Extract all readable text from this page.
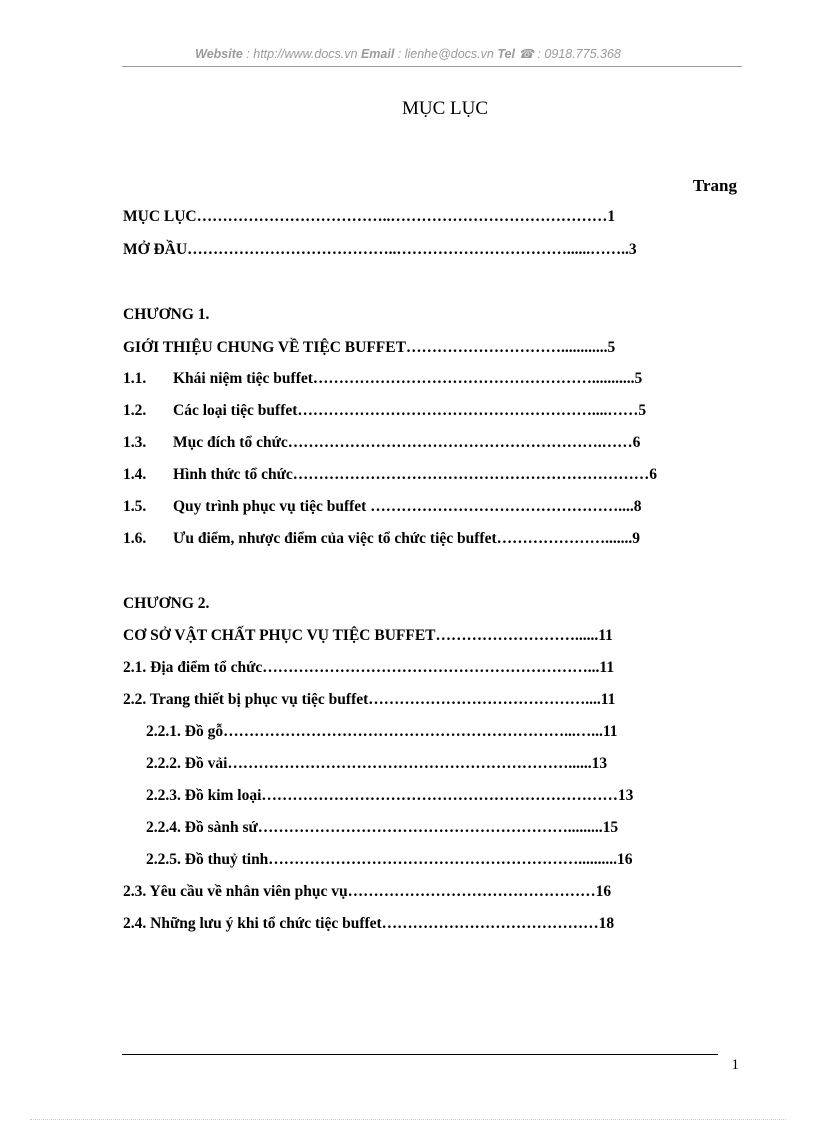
Website : http://www.docs.vn Email : lienhe@docs.vn Tel ☎ : 0918.775.368
MỤC LỤC
Trang
MỤC LỤC………………………………..……………………………………1
MỞ ĐẦU…………………………………..……………………………......……..3
CHƯƠNG 1.
GIỚI THIỆU CHUNG VỀ TIỆC BUFFET…………………………............5
1.1. Khái niệm tiệc buffet………………………………………………...........5
1.2. Các loại tiệc buffet…………………………………………………....……5
1.3. Mục đích tổ chức…………………………………………………….……6
1.4. Hình thức tổ chức……………………………………………………………6
1.5. Quy trình phục vụ tiệc buffet …………………………………………....8
1.6. Ưu điểm, nhược điểm của việc tổ chức tiệc buffet………………….......9
CHƯƠNG 2.
CƠ SỞ VẬT CHẤT PHỤC VỤ TIỆC BUFFET………………………......11
2.1. Địa điểm tổ chức………………………………………………………...11
2.2. Trang thiết bị phục vụ tiệc buffet……………………………………....11
2.2.1. Đồ gỗ…………………………………………………………...…...11
2.2.2. Đồ vải…………………………………………………………......13
2.2.3. Đồ kim loại……………………………………………………………13
2.2.4. Đồ sành sứ…………………………………………………….........15
2.2.5. Đồ thuỷ tinh……………………………………………………..........16
2.3. Yêu cầu về nhân viên phục vụ…………………………………………16
2.4. Những lưu ý khi tổ chức tiệc buffet……………………………………18
1
